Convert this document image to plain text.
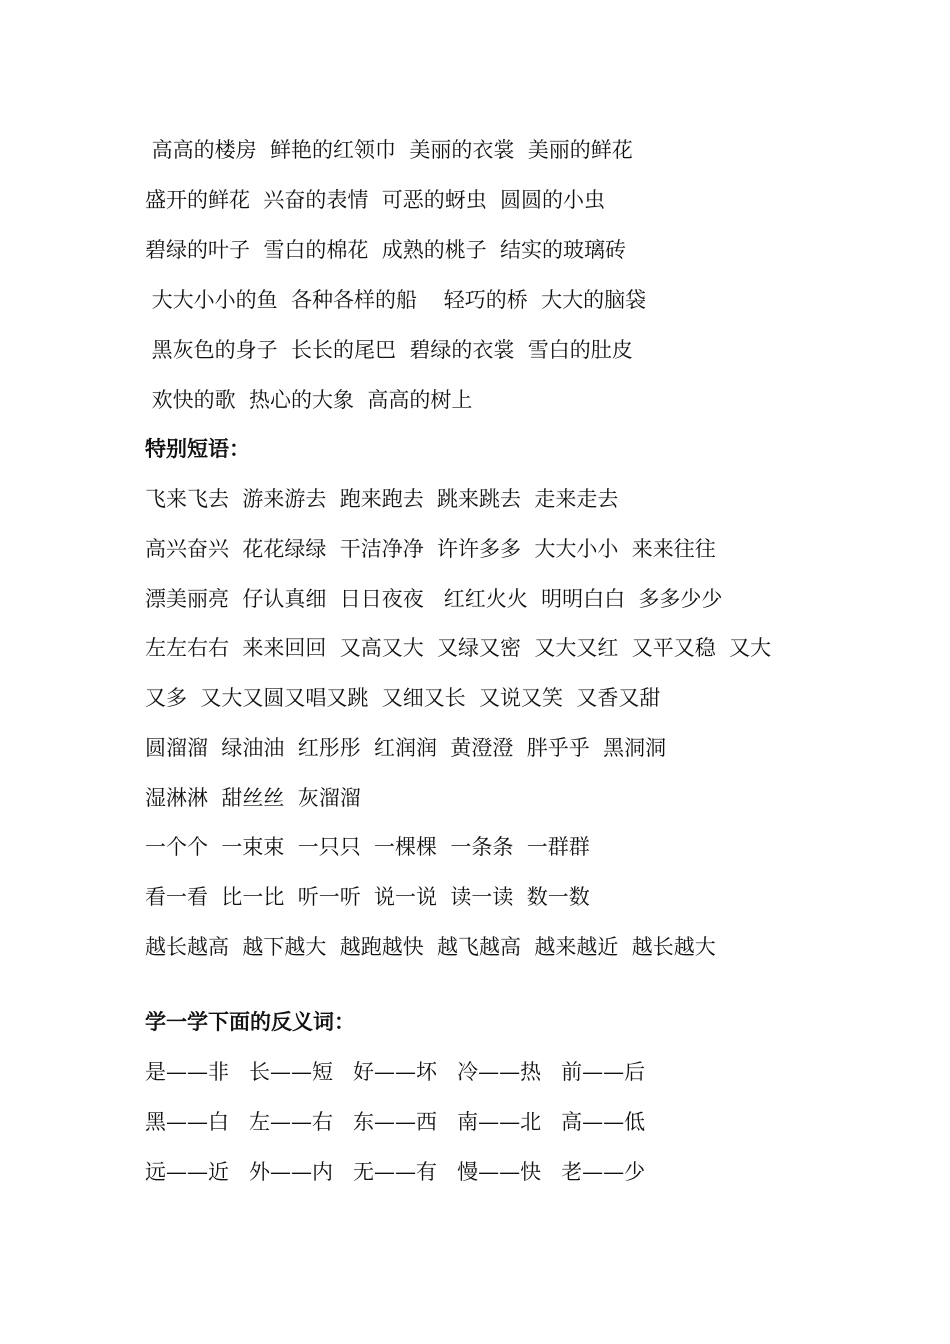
高高的楼房  鲜艳的红领巾  美丽的衣裳  美丽的鲜花
盛开的鲜花  兴奋的表情  可恶的蚜虫  圆圆的小虫
碧绿的叶子  雪白的棉花  成熟的桃子  结实的玻璃砖
大大小小的鱼  各种各样的船    轻巧的桥  大大的脑袋
黑灰色的身子  长长的尾巴  碧绿的衣裳  雪白的肚皮
欢快的歌  热心的大象  高高的树上
特别短语：
飞来飞去  游来游去  跑来跑去  跳来跳去  走来走去
高兴奋兴  花花绿绿  干洁净净  许许多多  大大小小  来来往往
漂美丽亮  仔认真细  日日夜夜   红红火火  明明白白  多多少少
左左右右  来来回回  又高又大  又绿又密  又大又红  又平又稳  又大
又多  又大又圆又唱又跳  又细又长  又说又笑  又香又甜
圆溜溜  绿油油  红彤彤  红润润  黄澄澄  胖乎乎  黑洞洞
湿淋淋  甜丝丝  灰溜溜
一个个  一束束  一只只  一棵棵  一条条  一群群
看一看  比一比  听一听  说一说  读一读  数一数
越长越高  越下越大  越跑越快  越飞越高  越来越近  越长越大
学一学下面的反义词：
是——非   长——短   好——坏   冷——热   前——后
黑——白   左——右   东——西   南——北   高——低
远——近   外——内   无——有   慢——快   老——少
